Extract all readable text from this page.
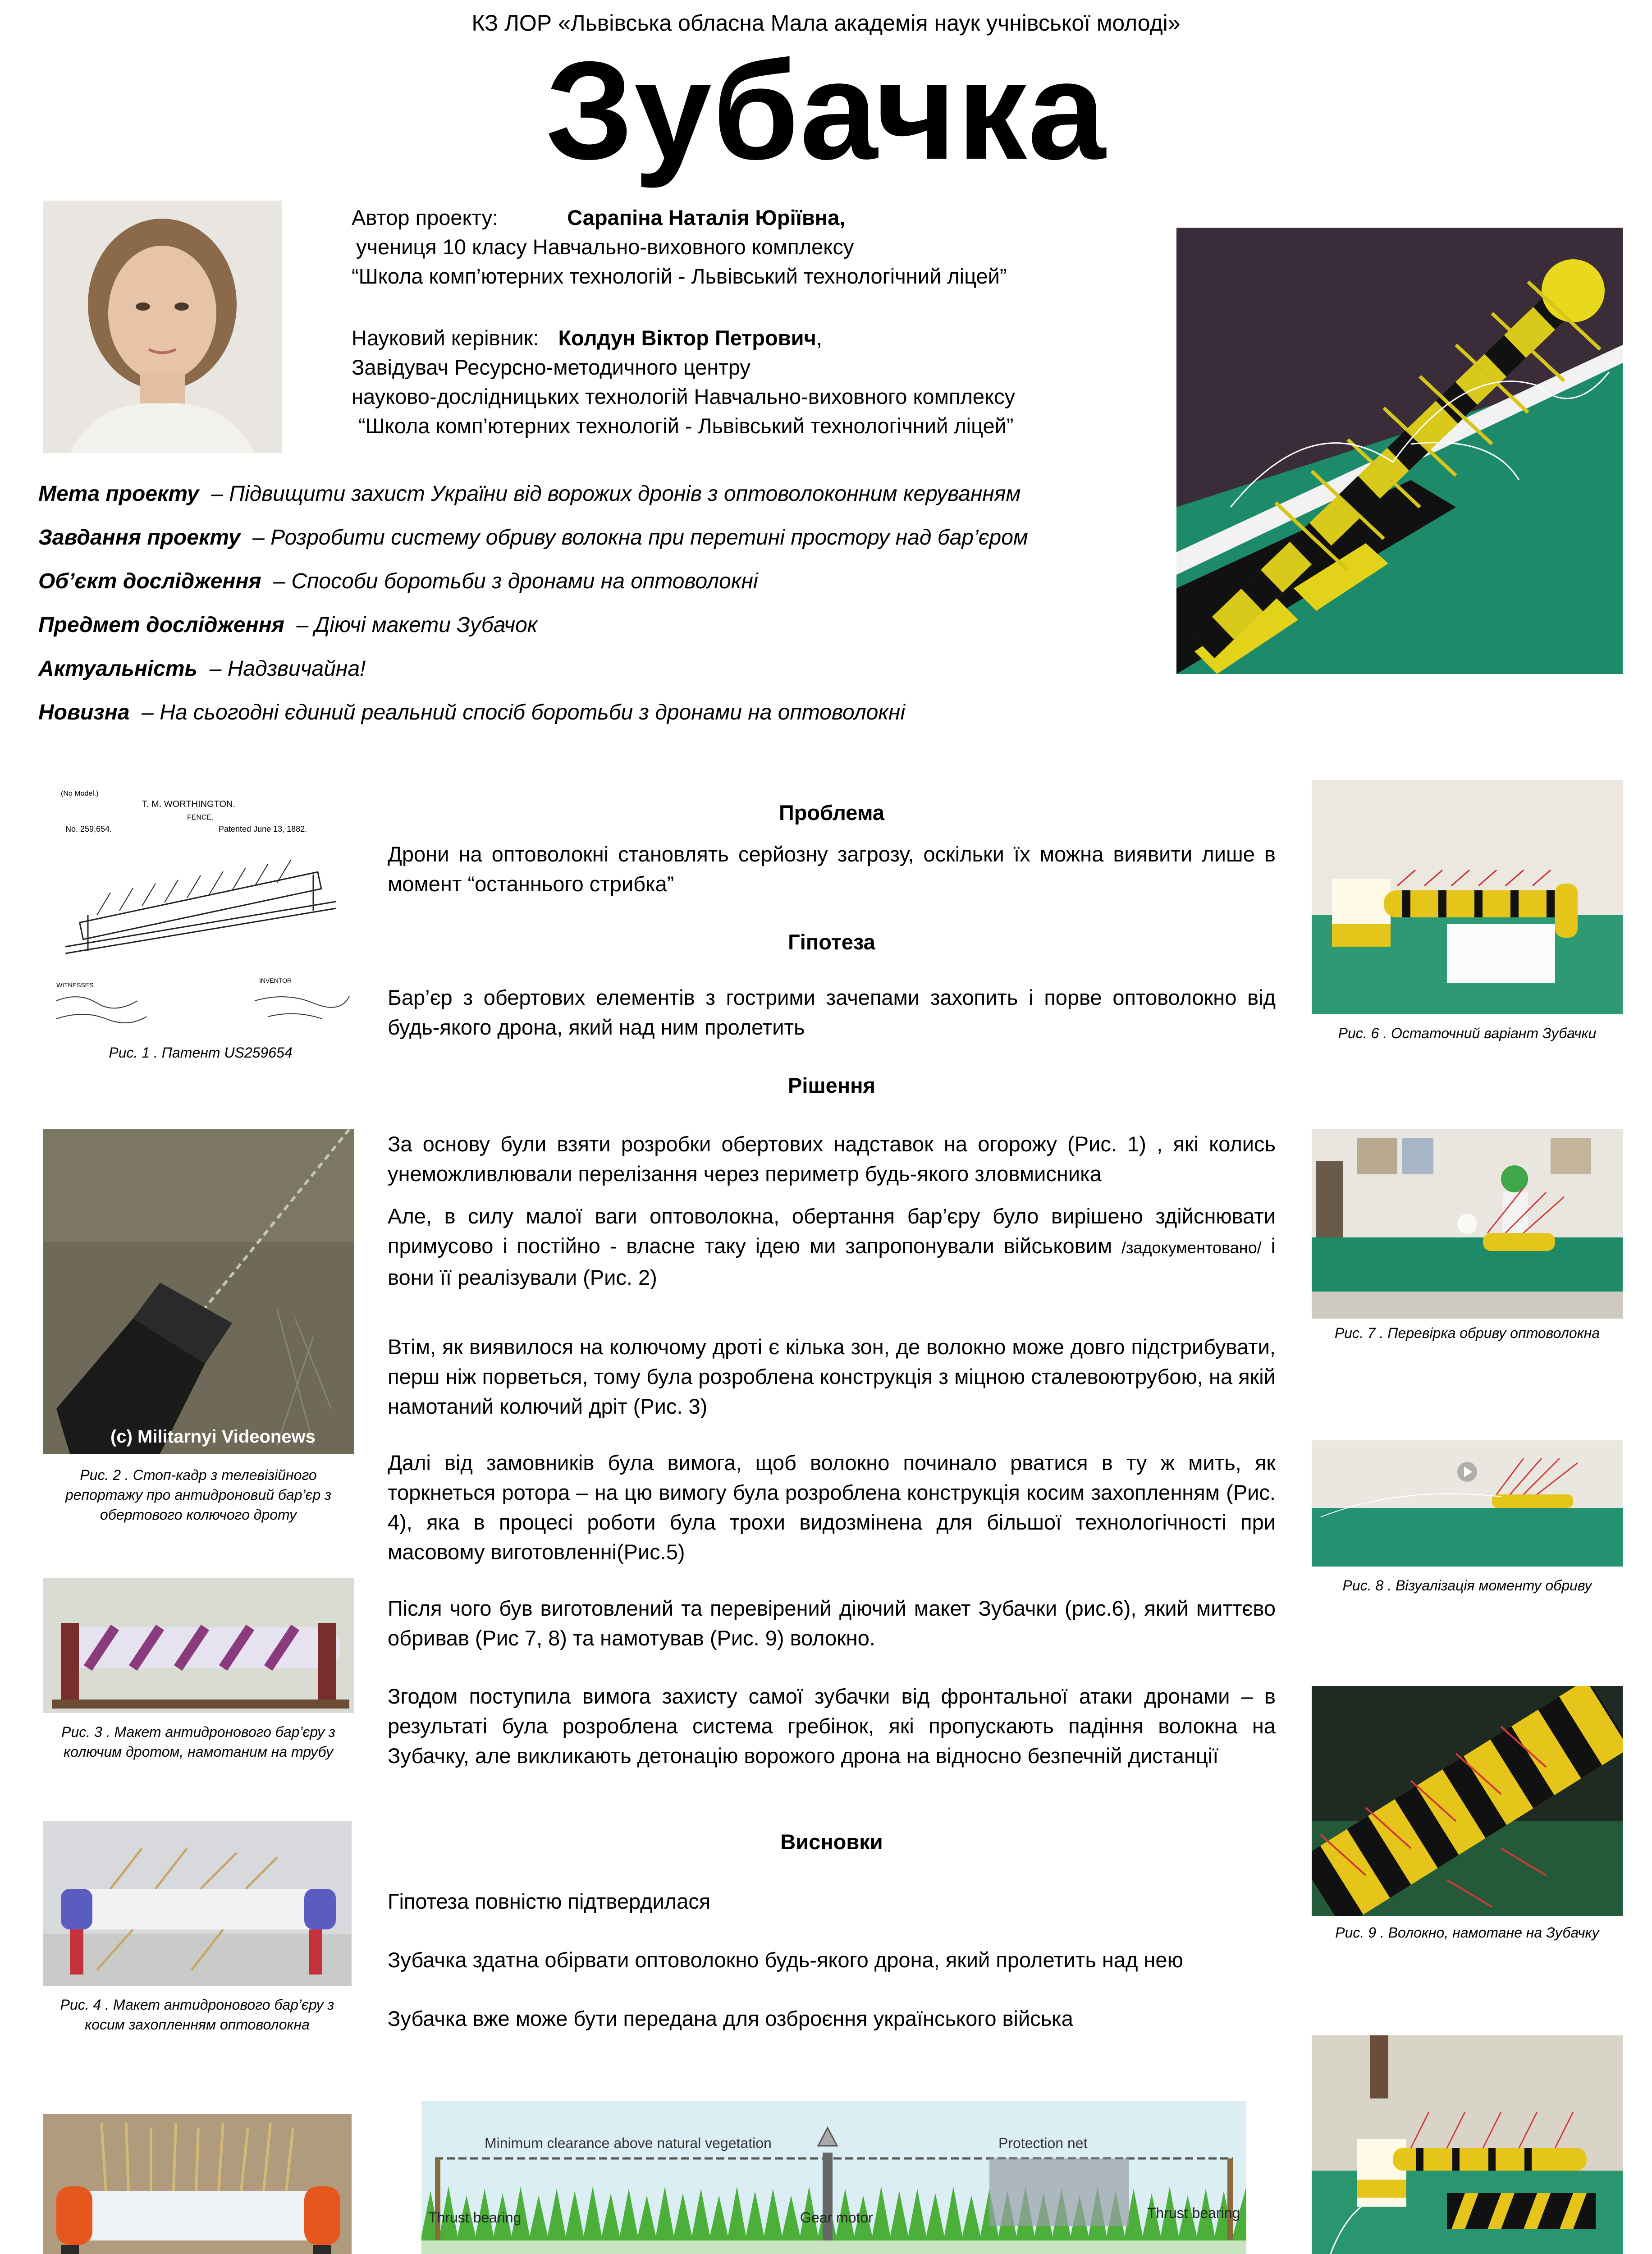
КЗ ЛОР «Львівська обласна Мала академія наук учнівської молоді»
Зубачка
Автор проекту:	Сарапіна Наталія Юріївна,
учениця 10 класу Навчально-виховного комплексу
“Школа комп’ютерних технологій - Львівський технологічний ліцей”
Науковий керівник: Колдун Віктор Петрович,
Завідувач Ресурсно-методичного центру
науково-дослідницьких технологій Навчально-виховного комплексу
“Школа комп’ютерних технологій - Львівський технологічний ліцей”
Мета проекту – Підвищити захист України від ворожих дронів з оптоволоконним керуванням
Завдання проекту – Розробити систему обриву волокна при перетині простору над бар’єром
Об’єкт дослідження – Способи боротьби з дронами на оптоволокні
Предмет дослідження – Діючі макети Зубачок
Актуальність – Надзвичайна!
Новизна – На сьогодні єдиний реальний спосіб боротьби з дронами на оптоволокні
(No Model.)
T. M. WORTHINGTON.
FENCE.
No. 259,654.	Patented June 13, 1882.
WITNESSES
INVENTOR
Рис. 1 . Патент US259654
(c) Militarnyi Videonews
Рис. 2 . Стоп-кадр з телевізійного репортажу про антидроновий бар’єр з обертового колючого дроту
Рис. 3 . Макет антидронового бар’єру з колючим дротом, намотаним на трубу
Рис. 4 . Макет антидронового бар’єру з косим захопленням оптоволокна
Проблема
Дрони на оптоволокні становлять серйозну загрозу, оскільки їх можна виявити лише в момент “останнього стрибка”
Гіпотеза
Бар’єр з обертових елементів з гострими зачепами захопить і порве оптоволокно від будь-якого дрона, який над ним пролетить
Рішення
За основу були взяти розробки обертових надставок на огорожу (Рис. 1) , які колись унеможливлювали перелізання через периметр будь-якого зловмисника
Але, в силу малої ваги оптоволокна, обертання бар’єру було вирішено здійснювати примусово і постійно - власне таку ідею ми запропонували військовим /задокументовано/ і вони її реалізували (Рис. 2)
Втім, як виявилося на колючому дроті є кілька зон, де волокно може довго підстрибувати, перш ніж порветься, тому була розроблена конструкція з міцною сталевоютрубою, на якій намотаний колючий дріт (Рис. 3)
Далі від замовників була вимога, щоб волокно починало рватися в ту ж мить, як торкнеться ротора – на цю вимогу була розроблена конструкція косим захопленням (Рис. 4), яка в процесі роботи була трохи видозмінена для більшої технологічності при масовому виготовленні(Рис.5)
Після чого був виготовлений та перевірений діючий макет Зубачки (рис.6), який миттєво обривав (Рис 7, 8) та намотував (Рис. 9) волокно.
Згодом поступила вимога захисту самої зубачки від фронтальної атаки дронами – в результаті була розроблена система гребінок, які пропускають падіння волокна на Зубачку, але викликають детонацію ворожого дрона на відносно безпечній дистанції
Висновки
Гіпотеза повністю підтвердилася
Зубачка здатна обірвати оптоволокно будь-якого дрона, який пролетить над нею
Зубачка вже може бути передана для озброєння українського війська
Minimum clearance above natural vegetation	Protection net
Thrust bearing	Gear motor	Thrust bearing
Рис. 6 . Остаточний варіант Зубачки
Рис. 7 . Перевірка обриву оптоволокна
Рис. 8 . Візуалізація моменту обриву
Рис. 9 . Волокно, намотане на Зубачку
